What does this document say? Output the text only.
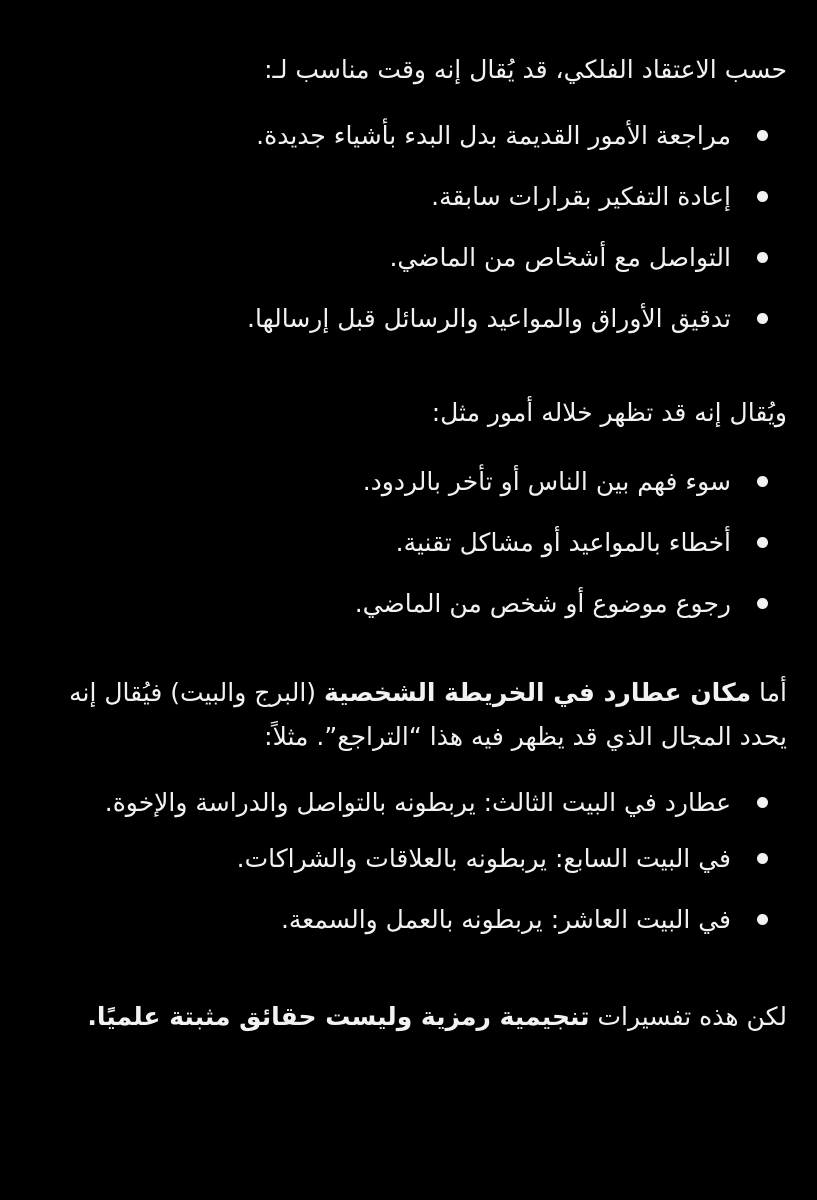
حسب الاعتقاد الفلكي، قد يُقال إنه وقت مناسب لـ:

مراجعة الأمور القديمة بدل البدء بأشياء جديدة.
إعادة التفكير بقرارات سابقة.
التواصل مع أشخاص من الماضي.
تدقيق الأوراق والمواعيد والرسائل قبل إرسالها.

ويُقال إنه قد تظهر خلاله أمور مثل:

سوء فهم بين الناس أو تأخر بالردود.
أخطاء بالمواعيد أو مشاكل تقنية.
رجوع موضوع أو شخص من الماضي.

أما مكان عطارد في الخريطة الشخصية (البرج والبيت) فيُقال إنه يحدد المجال الذي قد يظهر فيه هذا “التراجع”. مثلاً:

عطارد في البيت الثالث: يربطونه بالتواصل والدراسة والإخوة.
في البيت السابع: يربطونه بالعلاقات والشراكات.
في البيت العاشر: يربطونه بالعمل والسمعة.

لكن هذه تفسيرات تنجيمية رمزية وليست حقائق مثبتة علميًا.
